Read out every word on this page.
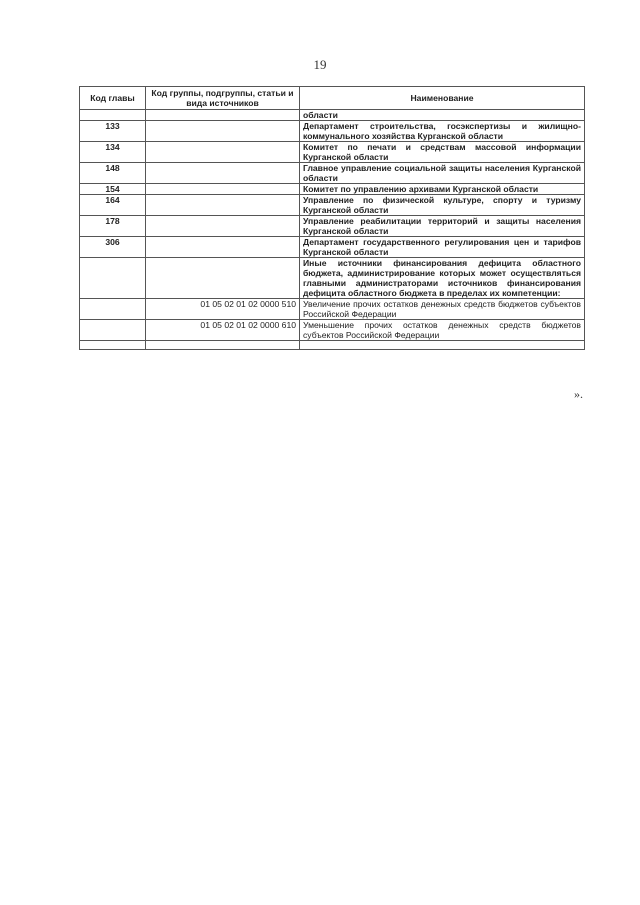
19
Код главы	Код группы, подгруппы, статьи и вида источников	Наименование
		области
133		Департамент строительства, госэкспертизы и жилищно-коммунального хозяйства Курганской области
134		Комитет по печати и средствам массовой информации Курганской области
148		Главное управление социальной защиты населения Курганской области
154		Комитет по управлению архивами Курганской области
164		Управление по физической культуре, спорту и туризму Курганской области
178		Управление реабилитации территорий и защиты населения Курганской области
306		Департамент государственного регулирования цен и тарифов Курганской области
		Иные источники финансирования дефицита областного бюджета, администрирование которых может осуществляться главными администраторами источников финансирования дефицита областного бюджета в пределах их компетенции:
	01 05 02 01 02 0000 510	Увеличение прочих остатков денежных средств бюджетов субъектов Российской Федерации
	01 05 02 01 02 0000 610	Уменьшение прочих остатков денежных средств бюджетов субъектов Российской Федерации

».
